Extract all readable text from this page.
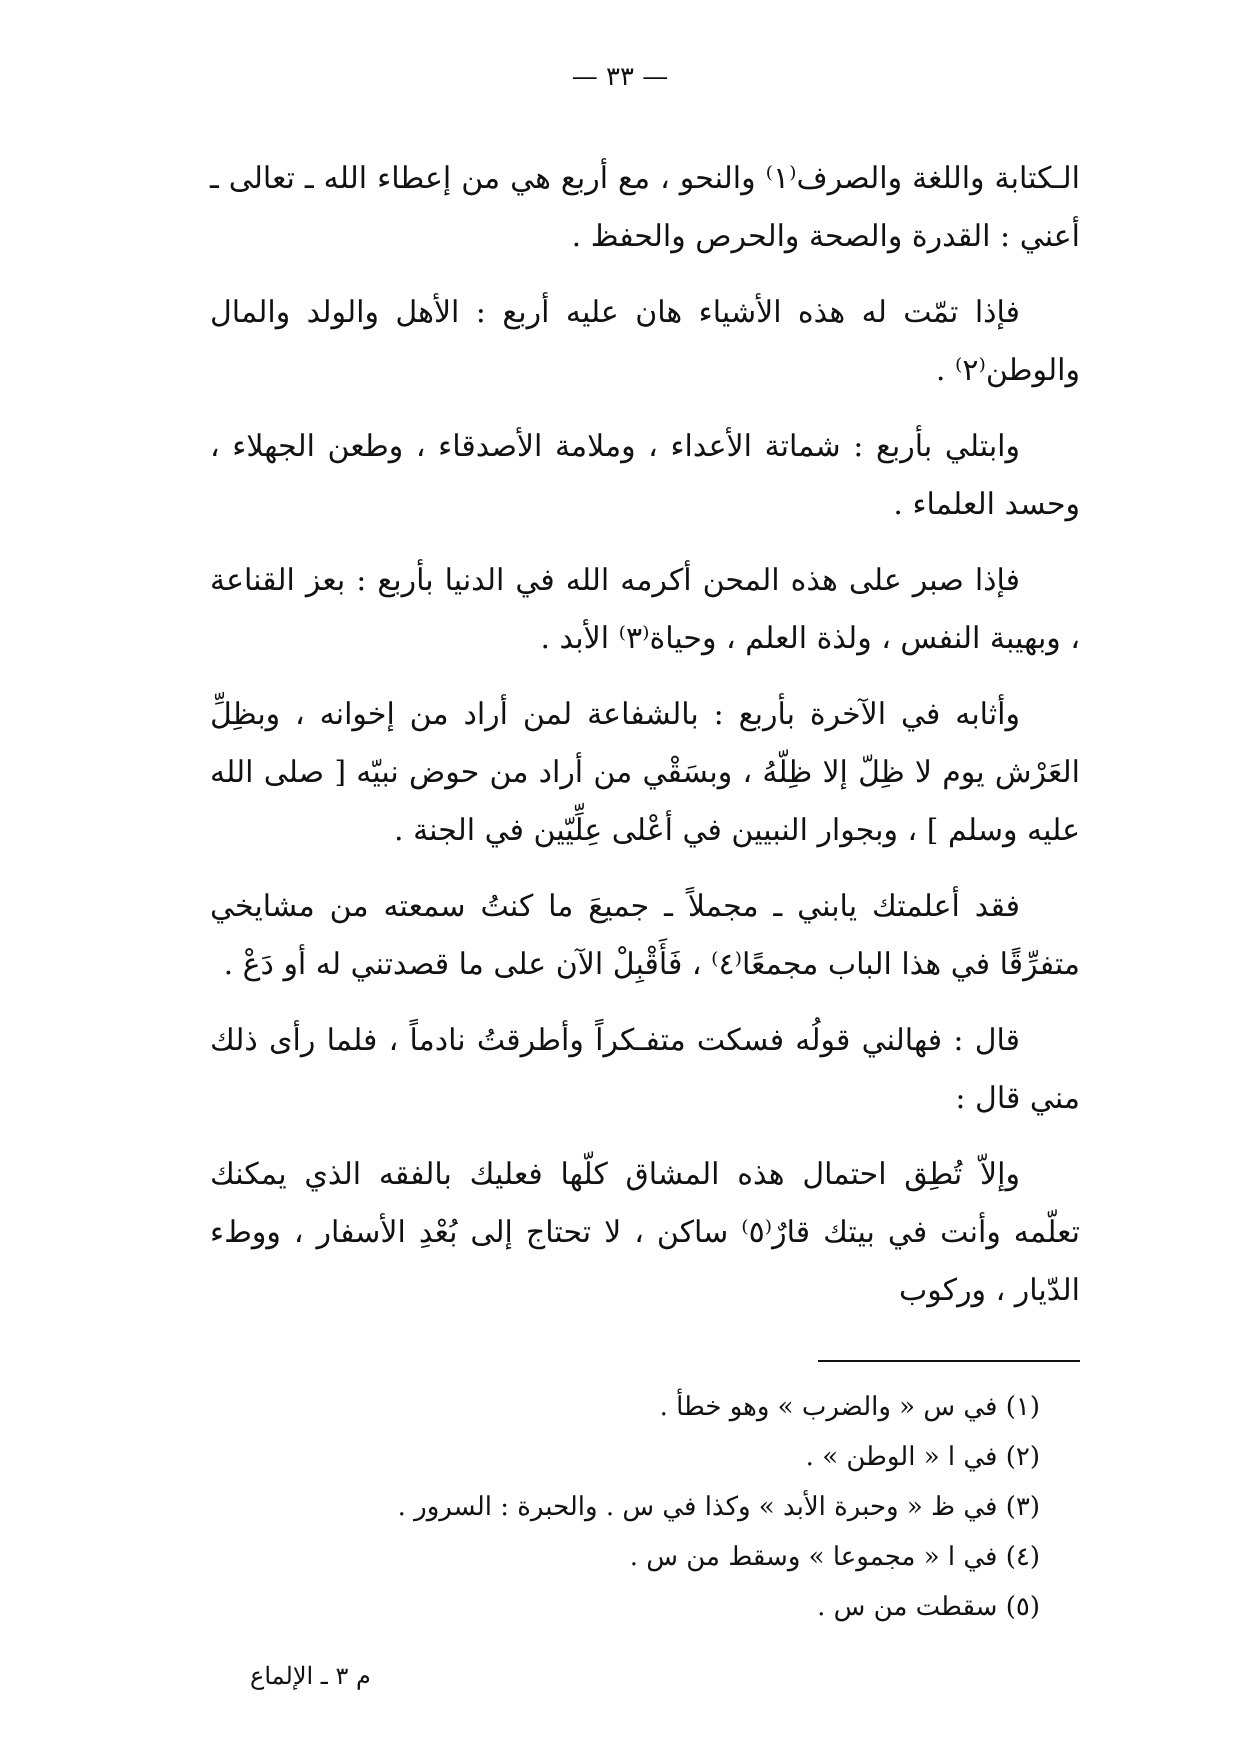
— ٣٣ —

الـكتابة واللغة والصرف⁽١⁾ والنحو ، مع أربع هي من إعطاء الله ـ تعالى ـ أعني : القدرة والصحة والحرص والحفظ .

فإذا تمّت له هذه الأشياء هان عليه أربع : الأهل والولد والمال والوطن⁽٢⁾ .

وابتلي بأربع : شماتة الأعداء ، وملامة الأصدقاء ، وطعن الجهلاء ، وحسد العلماء .

فإذا صبر على هذه المحن أكرمه الله في الدنيا بأربع : بعز القناعة ، وبهيبة النفس ، ولذة العلم ، وحياة⁽٣⁾ الأبد .

وأثابه في الآخرة بأربع : بالشفاعة لمن أراد من إخوانه ، وبظِلِّ العَرْش يوم لا ظِلّ إلا ظِلّهُ ، وبسَقْي من أراد من حوض نبيّه [ صلى الله عليه وسلم ] ، وبجوار النبيين في أعْلى عِلِّيّين في الجنة .

فقد أعلمتك يابني ـ مجملاً ـ جميعَ ما كنتُ سمعته من مشايخي متفرِّقًا في هذا الباب مجمعًا⁽٤⁾ ، فَأَقْبِلْ الآن على ما قصدتني له أو دَعْ .

قال : فهالني قولُه فسكت متفـكراً وأطرقتُ نادماً ، فلما رأى ذلك مني قال :

وإلاّ تُطِق احتمال هذه المشاق كلّها فعليك بالفقه الذي يمكنك تعلّمه وأنت في بيتك قارٌ⁽٥⁾ ساكن ، لا تحتاج إلى بُعْدِ الأسفار ، ووطء الدّيار ، وركوب

(١) في س « والضرب » وهو خطأ .

(٢) في ا « الوطن » .

(٣) في ظ « وحبرة الأبد » وكذا في س . والحبرة : السرور .

(٤) في ا « مجموعا » وسقط من س .

(٥) سقطت من س .

م ٣ ـ الإلماع
